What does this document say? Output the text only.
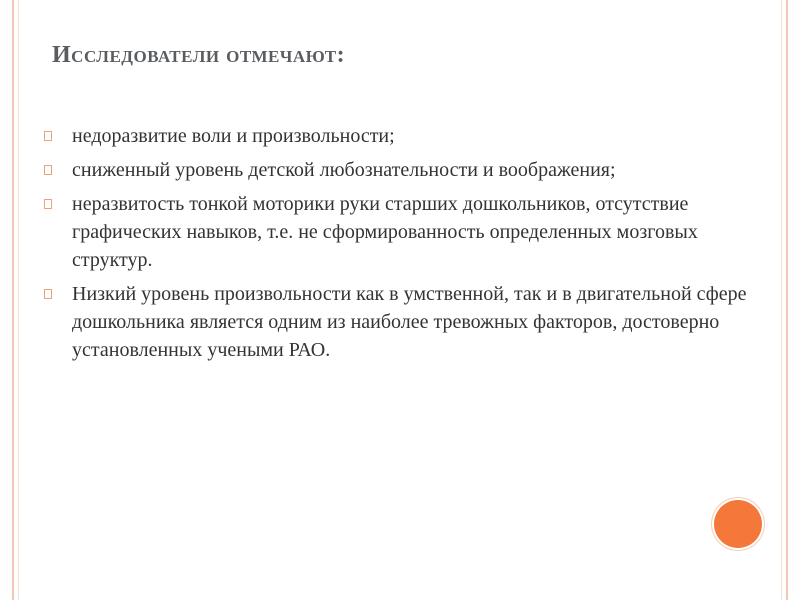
Исследователи отмечают:
недоразвитие воли и произвольности;
сниженный уровень детской любознательности и воображения;
неразвитость тонкой моторики руки старших дошкольников, отсутствие графических навыков, т.е. не сформированность определенных мозговых структур.
Низкий уровень произвольности как в умственной, так и в двигательной сфере дошкольника является одним из наиболее тревожных факторов, достоверно установленных учеными РАО.
